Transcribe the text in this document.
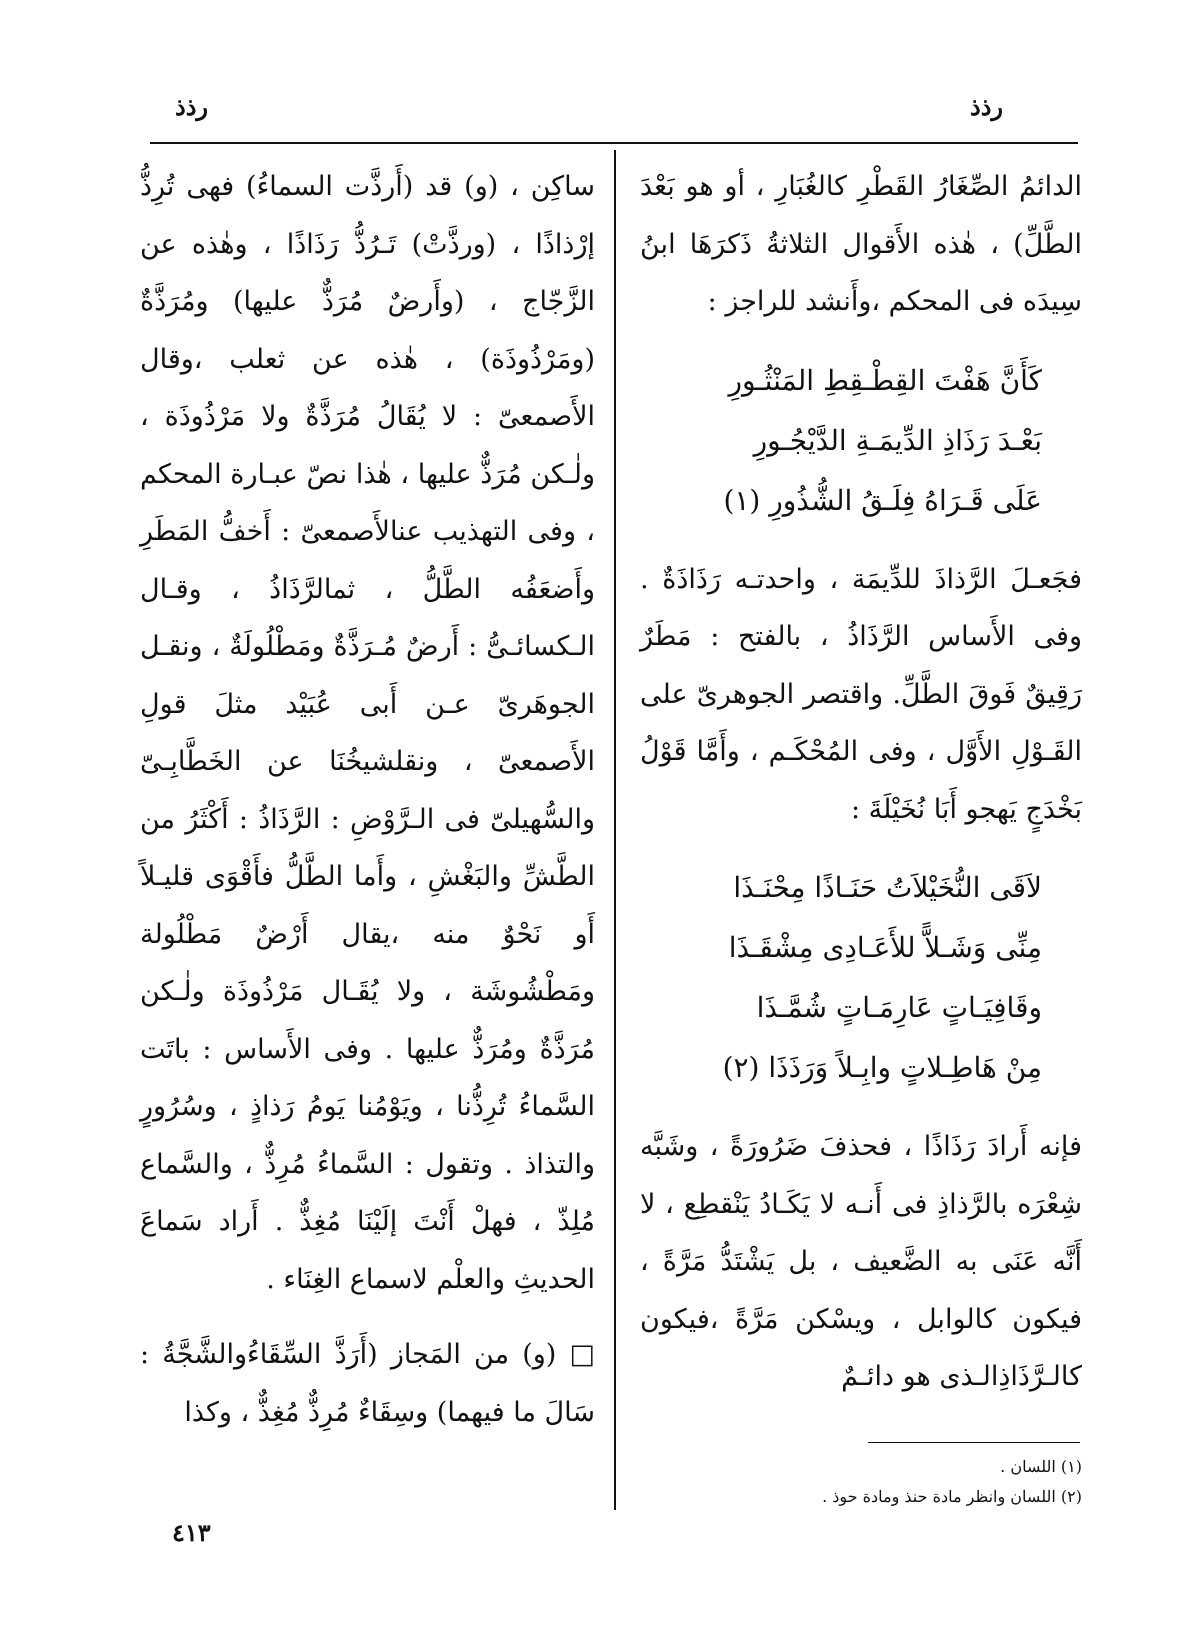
رذذ
رذذ

الدائمُ الصِّغَارُ القَطْرِ كالغُبَارِ ، أو هو بَعْدَ الطَّلِّ) ، هٰذه الأَقوال الثلاثةُ ذَكرَهَا ابنُ سِيدَه فى المحكم ،وأَنشد للراجز :

كَأَنَّ هَفْتَ القِطْـقِطِ المَنْثُـورِ
بَعْـدَ رَذَاذِ الدِّيمَـةِ الدَّيْجُـورِ
عَلَى قَـرَاهُ فِلَـقُ الشُّذُورِ (١)

فجَعـلَ الرَّذاذَ للدِّيمَة ، واحدتـه رَذَاذَةٌ . وفى الأَساس الرَّذَاذُ ، بالفتح : مَطَرٌ رَقِيقٌ فَوقَ الطَّلِّ. واقتصر الجوهرىّ على القَـوْلِ الأَوَّل ، وفى المُحْكَـم ، وأَمَّا قَوْلُ بَخْدَجٍ يَهجو أَبَا نُخَيْلَةَ :

لاَقَى النُّخَيْلاَتُ حَنَـاذًا مِحْنَـذَا
مِنِّى وَشَـلاًّ للأَعَـادِى مِشْقَـذَا
وقَافِيَـاتٍ عَارِمَـاتٍ شُمَّـذَا
مِنْ هَاطِـلاتٍ وابِـلاً وَرَذَذَا (٢)

فإنه أَرادَ رَذَاذًا ، فحذفَ ضَرُورَةً ، وشَبَّه شِعْرَه بالرَّذاذِ فى أَنـه لا يَكَـادُ يَنْقطِع ، لا أَنَّه عَنَى به الضَّعيف ، بل يَشْتَدُّ مَرَّةً ، فيكون كالوابل ، ويسْكن مَرَّةً ،فيكون كالـرَّذَاذِالـذى هو دائـمٌ

ساكِن ، (و) قد (أَرذَّت السماءُ) فهى تُرِذُّ إرْذاذًا ، (ورذَّتْ) تَـرُذُّ رَذَاذًا ، وهٰذه عن الزَّجّاج ، (وأَرضٌ مُرَذٌّ عليها) ومُرَذَّةٌ (ومَرْذُوذَة) ، هٰذه عن ثعلب ،وقال الأَصمعىّ : لا يُقَالُ مُرَذَّةٌ ولا مَرْذُوذَة ، ولٰـكن مُرَذٌّ عليها ، هٰذا نصّ عبـارة المحكم ، وفى التهذيب عنالأَصمعىّ : أَخفُّ المَطَرِ وأَضعَفُه الطَّلُّ ، ثمالرَّذَاذُ ، وقـال الـكسائـىُّ : أَرضٌ مُـرَذَّةٌ ومَطْلُولَةٌ ، ونقـل الجوهَرىّ عـن أَبى عُبَيْد مثلَ قولِ الأَصمعىّ ، ونقلشيخُنَا عن الخَطَّابِـىّ والسُّهيلىّ فى الـرَّوْضِ : الرَّذَاذُ : أَكْثَرُ من الطَّشِّ والبَغْشِ ، وأَما الطَّلُّ فأَقْوَى قليـلاً أَو نَحْوٌ منه ،يقال أَرْضٌ مَطْلُولة ومَطْشُوشَة ، ولا يُقَـال مَرْذُوذَة ولٰـكن مُرَذَّةٌ ومُرَذٌّ عليها . وفى الأَساس : باتَت السَّماءُ تُرِذُّنا ، ويَوْمُنا يَومُ رَذاذٍ ، وسُرُورٍ والتذاذ . وتقول : السَّماءُ مُرِذٌّ ، والسَّماع مُلِذّ ، فهلْ أَنْتَ إلَيْنَا مُغِذٌّ . أَراد سَماعَ الحديثِ والعلْم لاسماع الغِنَاء .

□ (و) من المَجاز (أَرَذَّ السِّقَاءُوالشَّجَّةُ : سَالَ ما فيهما) وسِقَاءٌ مُرِذٌّ مُغِذٌّ ، وكذا

(١) اللسان .
(٢) اللسان وانظر مادة حنذ ومادة حوذ .
٤١٣
